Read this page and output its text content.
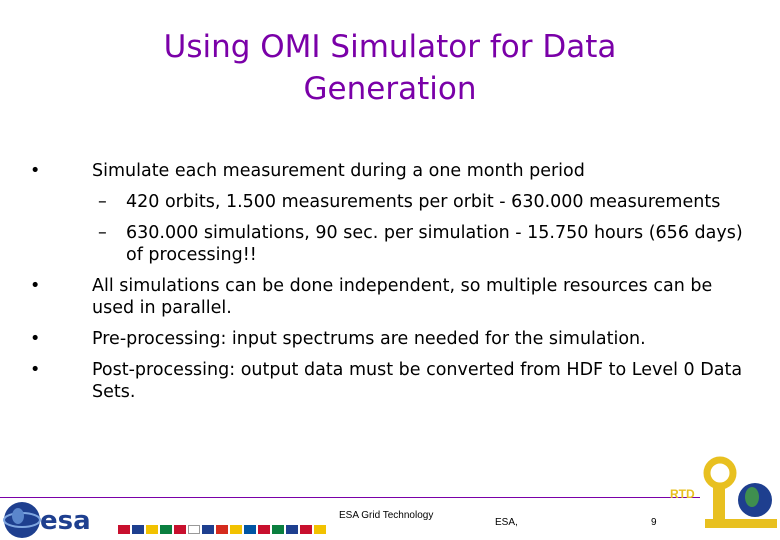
Using OMI Simulator for Data
Generation
•	Simulate each measurement during a one month period
– 420 orbits, 1.500 measurements per orbit - 630.000 measurements
– 630.000 simulations, 90 sec. per simulation - 15.750 hours (656 days) of processing!!
•	All simulations can be done independent, so multiple resources can be used in parallel.
•	Pre-processing: input spectrums are needed for the simulation.
•	Post-processing: output data must be converted from HDF to Level 0 Data Sets.
esa	ESA Grid Technology
ESA,	9
RTD
